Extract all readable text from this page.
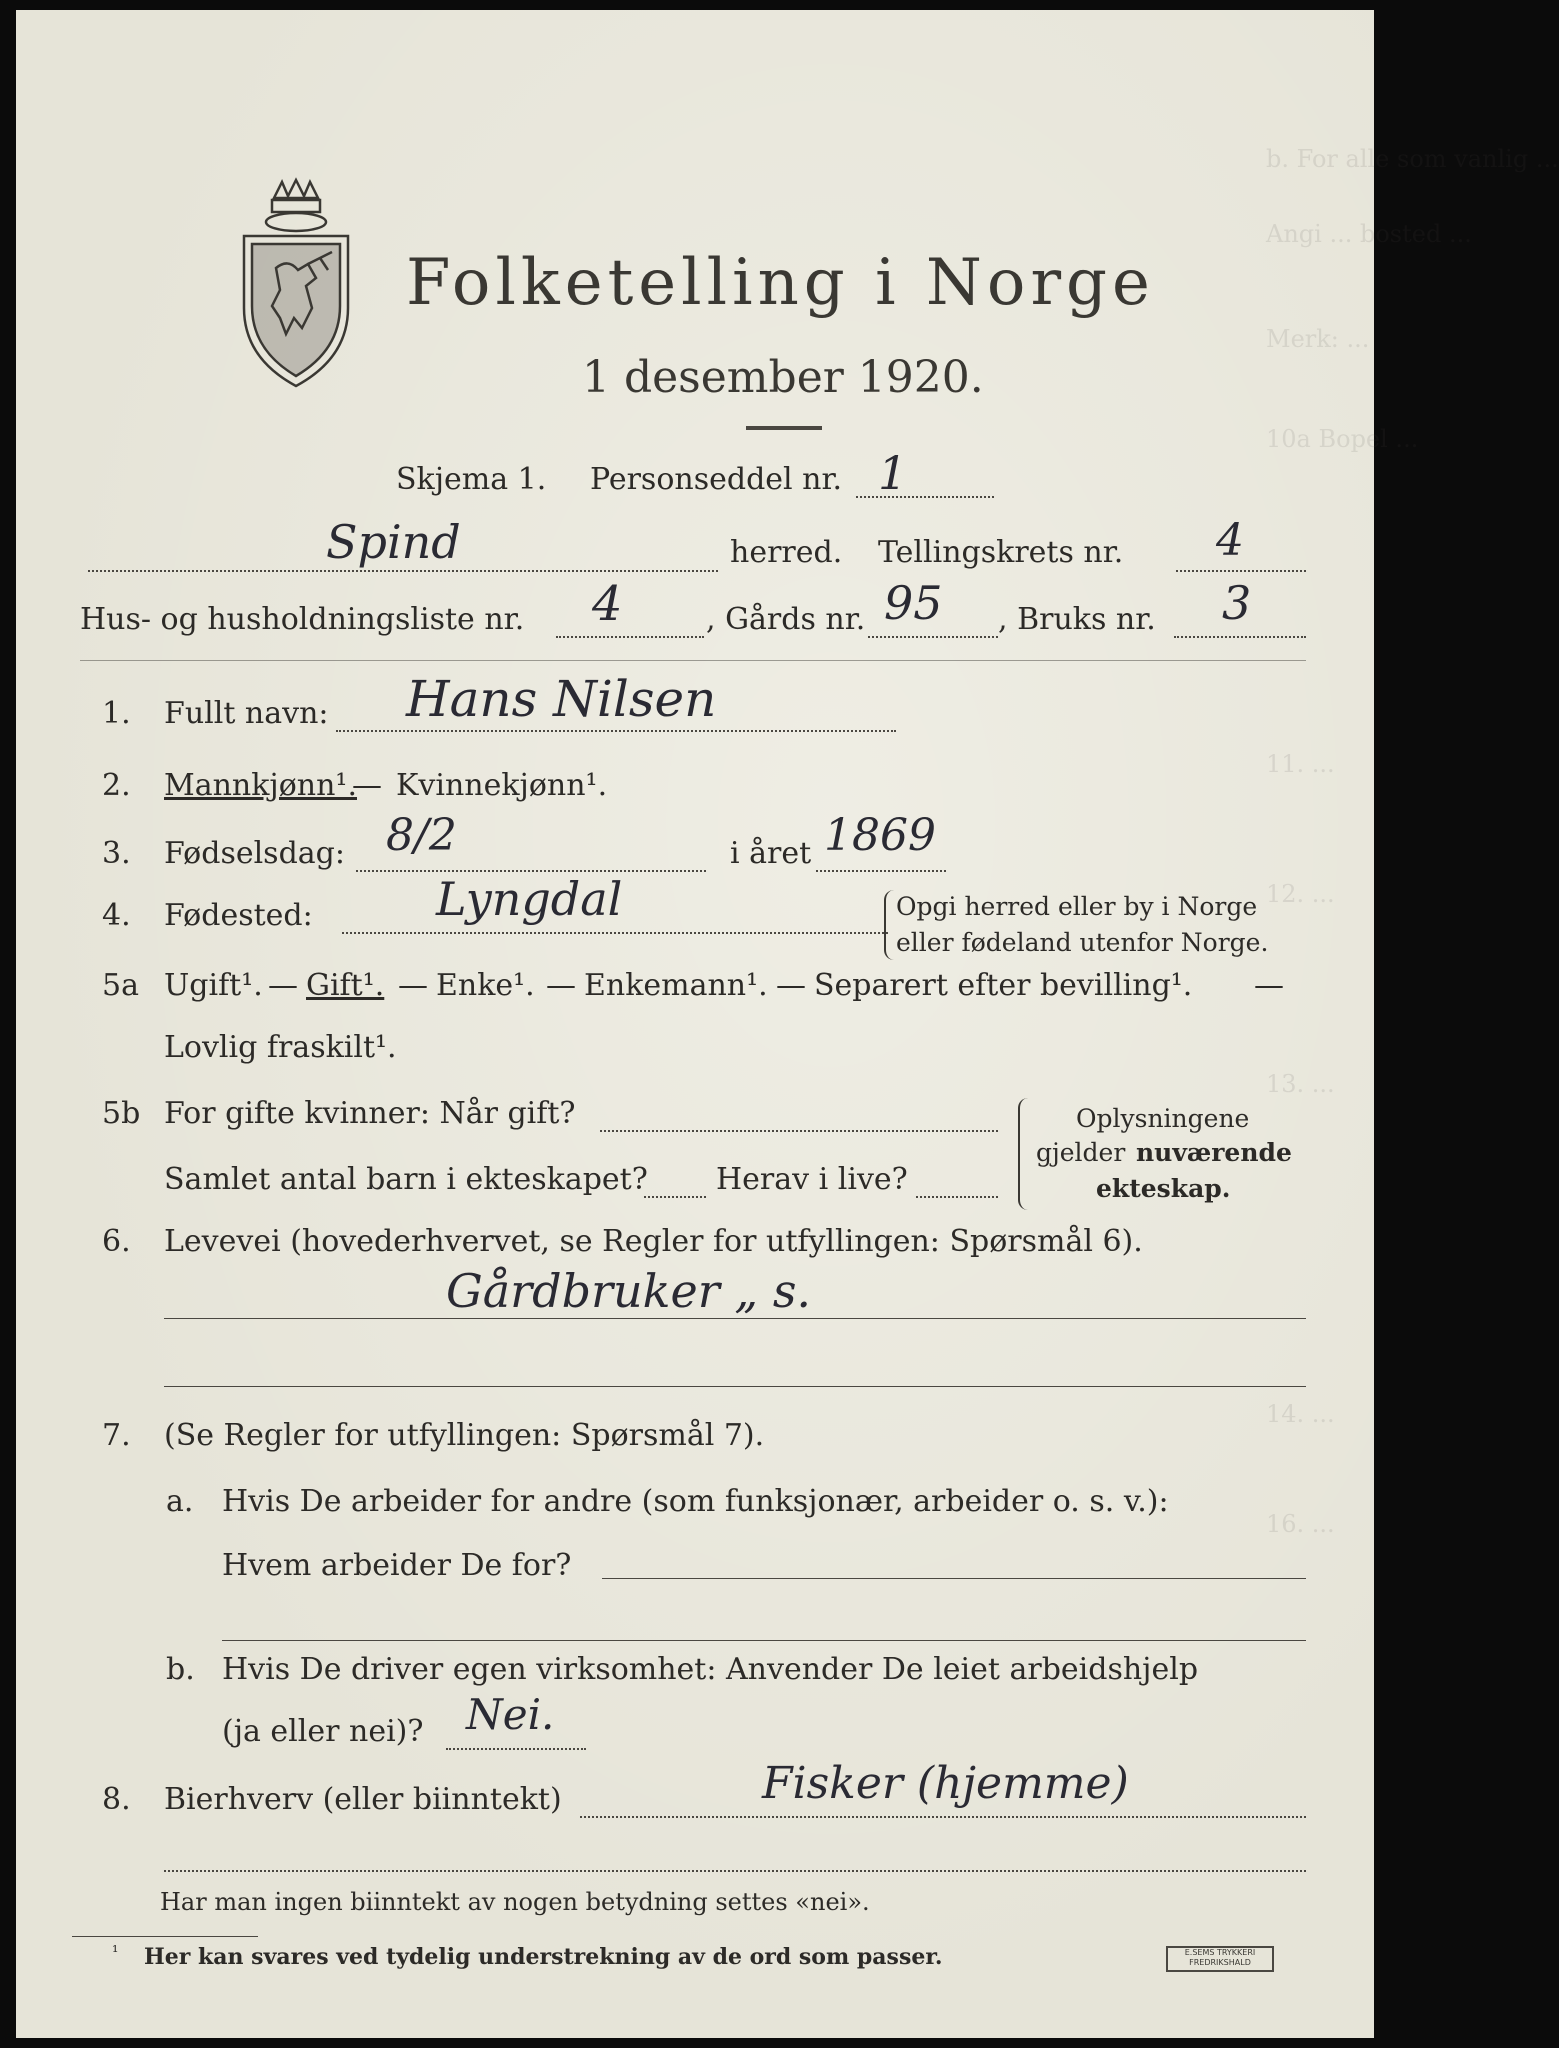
b. For alle som vanlig ...
Angi ... bosted ...
Merk: ...
10a Bopel ...
11. ...
12. ...
13. ...
14. ...
16. ...
Folketelling i Norge
1 desember 1920.
Skjema 1. Personseddel nr. 1
Spind	herred. Tellingskrets nr. 4
Hus- og husholdningsliste nr. 4	, Gårds nr. 95 , Bruks nr. 3
1. Fullt navn: Hans Nilsen
2. Mannkjønn¹.
— Kvinnekjønn¹.
3. Fødselsdag: 8/2	i året 1869
4. Fødested:	Lyngdal	Opgi herred eller by i Norge
eller fødeland utenfor Norge.
5a Ugift¹. — Gift¹. — Enke¹. — Enkemann¹. — Separert efter bevilling¹. —
Lovlig fraskilt¹.
5b For gifte kvinner: Når gift?
Samlet antal barn i ekteskapet? Herav i live?
Oplysningene
gjelder nuværende
ekteskap.
6. Levevei (hovederhvervet, se Regler for utfyllingen: Spørsmål 6).
Gårdbruker „ s.
7. (Se Regler for utfyllingen: Spørsmål 7).
a. Hvis De arbeider for andre (som funksjonær, arbeider o. s. v.):
Hvem arbeider De for?
b. Hvis De driver egen virksomhet: Anvender De leiet arbeidshjelp
(ja eller nei)? Nei.
8. Bierhverv (eller biinntekt)	Fisker (hjemme)
Har man ingen biinntekt av nogen betydning settes «nei».
¹ Her kan svares ved tydelig understrekning av de ord som passer.	E.SEMS TRYKKERI
FREDRIKSHALD
